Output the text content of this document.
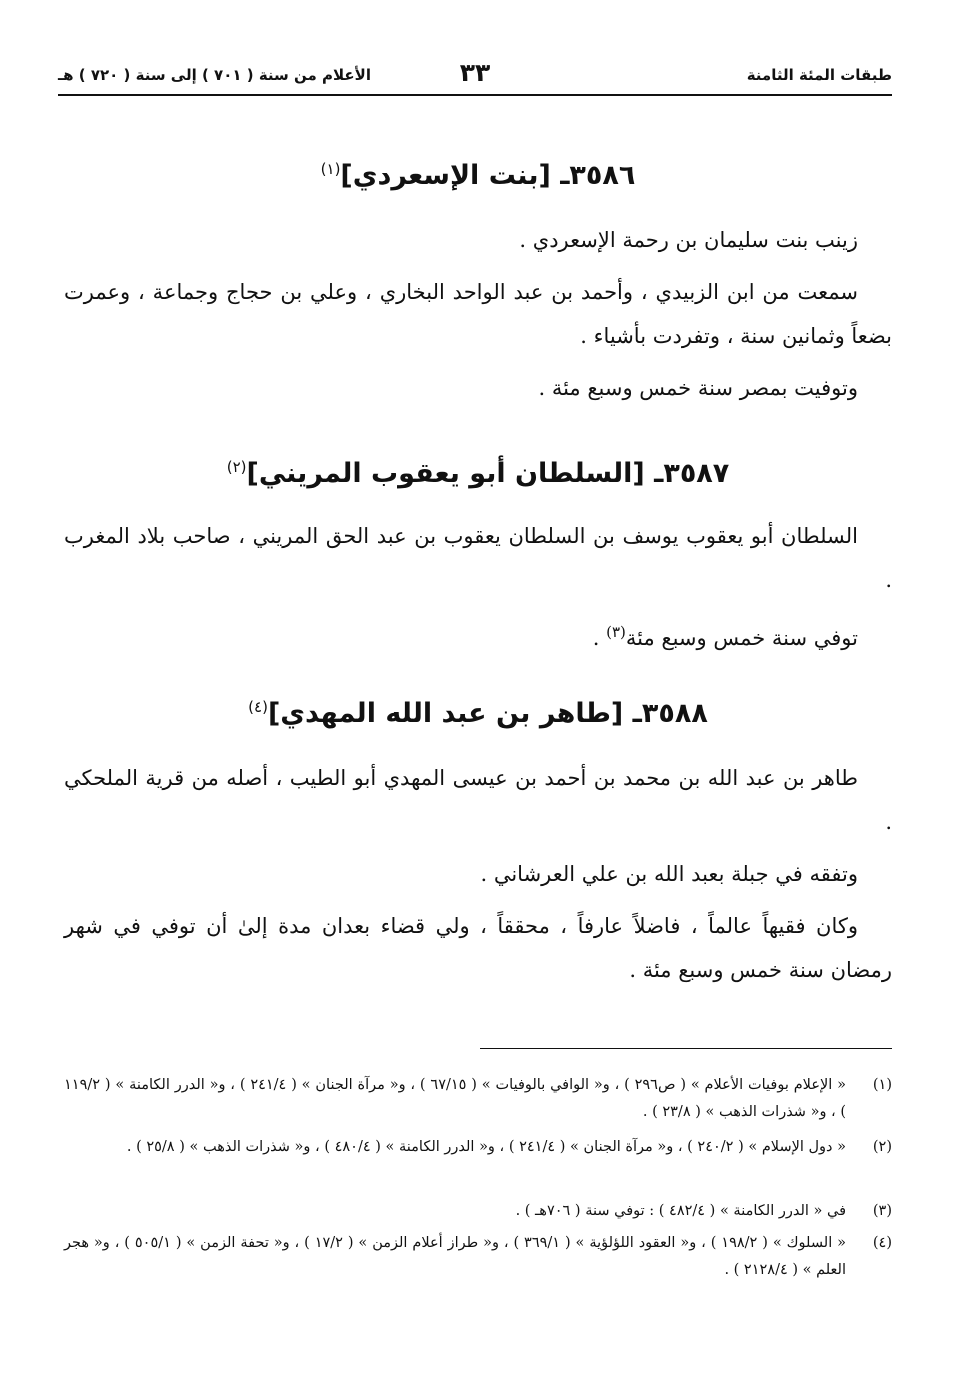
طبقات المئة الثامنة
٣٣
الأعلام من سنة ( ٧٠١ ) إلى سنة ( ٧٢٠ ) هـ
٣٥٨٦ـ [بنت الإسعردي]$^{(١)}$
زينب بنت سليمان بن رحمة الإسعردي .
سمعت من ابن الزبيدي ، وأحمد بن عبد الواحد البخاري ، وعلي بن حجاج وجماعة ، وعمرت بضعاً وثمانين سنة ، وتفردت بأشياء .
وتوفيت بمصر سنة خمس وسبع مئة .
٣٥٨٧ـ [السلطان أبو يعقوب المريني]$^{(٢)}$
السلطان أبو يعقوب يوسف بن السلطان يعقوب بن عبد الحق المريني ، صاحب بلاد المغرب .
توفي سنة خمس وسبع مئة$^{(٣)}$ .
٣٥٨٨ـ [طاهر بن عبد الله المهدي]$^{(٤)}$
طاهر بن عبد الله بن محمد بن أحمد بن عيسى المهدي أبو الطيب ، أصله من قرية الملحكي .
وتفقه في جبلة بعبد الله بن علي العرشاني .
وكان فقيهاً عالماً ، فاضلاً عارفاً ، محققاً ، ولي قضاء بعدان مدة إلىٰ أن توفي في شهر رمضان سنة خمس وسبع مئة .
(١)
« الإعلام بوفيات الأعلام » ( ص٢٩٦ ) ، و« الوافي بالوفيات » ( ٦٧/١٥ ) ، و« مرآة الجنان » ( ٢٤١/٤ ) ، و« الدرر الكامنة » ( ١١٩/٢ ) ، و« شذرات الذهب » ( ٢٣/٨ ) .
(٢)
« دول الإسلام » ( ٢٤٠/٢ ) ، و« مرآة الجنان » ( ٢٤١/٤ ) ، و« الدرر الكامنة » ( ٤٨٠/٤ ) ، و« شذرات الذهب » ( ٢٥/٨ ) .
(٣)
في « الدرر الكامنة » ( ٤٨٢/٤ ) : توفي سنة ( ٧٠٦هـ ) .
(٤)
« السلوك » ( ١٩٨/٢ ) ، و« العقود اللؤلؤية » ( ٣٦٩/١ ) ، و« طراز أعلام الزمن » ( ١٧/٢ ) ، و« تحفة الزمن » ( ٥٠٥/١ ) ، و« هجر العلم » ( ٢١٢٨/٤ ) .
